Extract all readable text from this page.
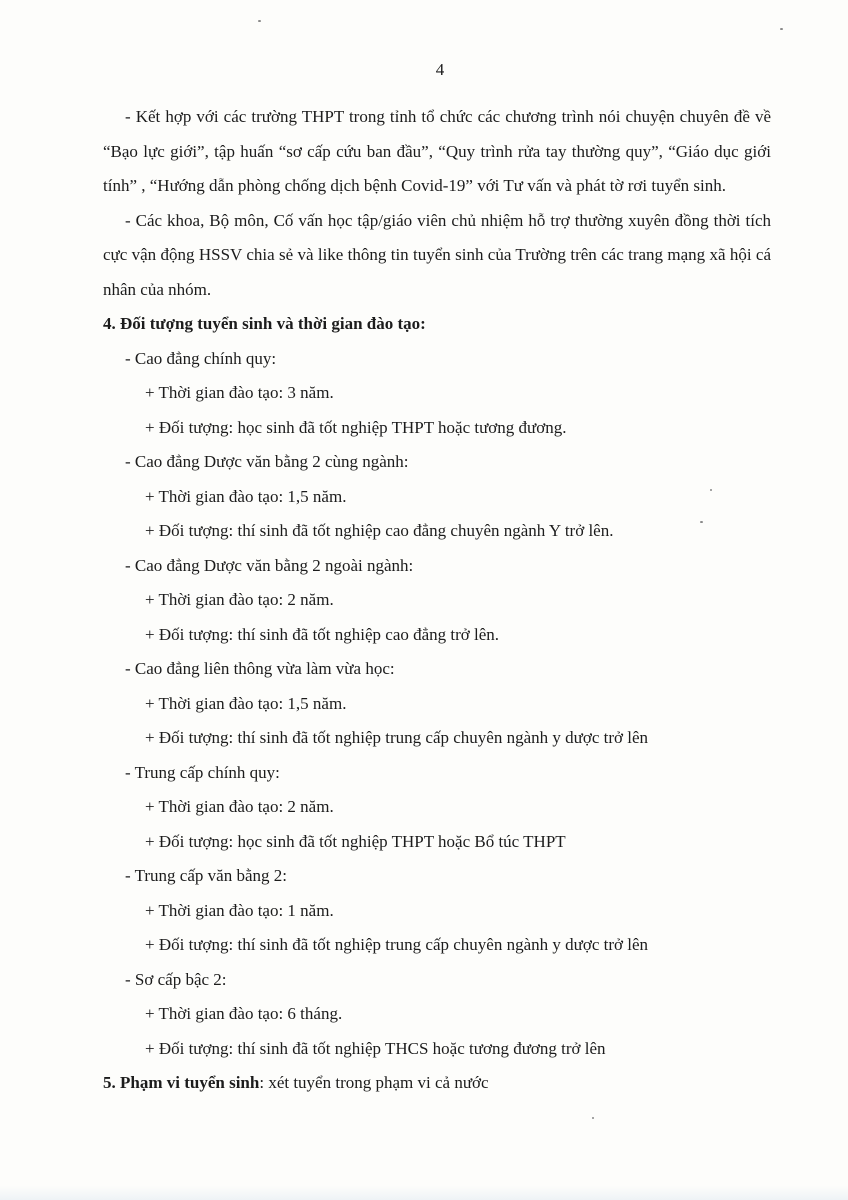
4

- Kết hợp với các trường THPT trong tỉnh tổ chức các chương trình nói chuyện chuyên đề về “Bạo lực giới”, tập huấn “sơ cấp cứu ban đầu”, “Quy trình rửa tay thường quy”, “Giáo dục giới tính” , “Hướng dẫn phòng chống dịch bệnh Covid-19” với Tư vấn và phát tờ rơi tuyển sinh.

- Các khoa, Bộ môn, Cố vấn học tập/giáo viên chủ nhiệm hỗ trợ thường xuyên đồng thời tích cực vận động HSSV chia sẻ và like thông tin tuyển sinh của Trường trên các trang mạng xã hội cá nhân của nhóm.

4. Đối tượng tuyển sinh và thời gian đào tạo:
- Cao đẳng chính quy:
+ Thời gian đào tạo: 3 năm.
+ Đối tượng: học sinh đã tốt nghiệp THPT hoặc tương đương.
- Cao đẳng Dược văn bằng 2 cùng ngành:
+ Thời gian đào tạo: 1,5 năm.
+ Đối tượng: thí sinh đã tốt nghiệp cao đẳng chuyên ngành Y trở lên.
- Cao đẳng Dược văn bằng 2 ngoài ngành:
+ Thời gian đào tạo: 2 năm.
+ Đối tượng: thí sinh đã tốt nghiệp cao đẳng trở lên.
- Cao đẳng liên thông vừa làm vừa học:
+ Thời gian đào tạo: 1,5 năm.
+ Đối tượng: thí sinh đã tốt nghiệp trung cấp chuyên ngành y dược trở lên
- Trung cấp chính quy:
+ Thời gian đào tạo: 2 năm.
+ Đối tượng: học sinh đã tốt nghiệp THPT hoặc Bổ túc THPT
- Trung cấp văn bằng 2:
+ Thời gian đào tạo: 1 năm.
+ Đối tượng: thí sinh đã tốt nghiệp trung cấp chuyên ngành y dược trở lên
- Sơ cấp bậc 2:
+ Thời gian đào tạo: 6 tháng.
+ Đối tượng: thí sinh đã tốt nghiệp THCS hoặc tương đương trở lên
5. Phạm vi tuyển sinh: xét tuyển trong phạm vi cả nước
